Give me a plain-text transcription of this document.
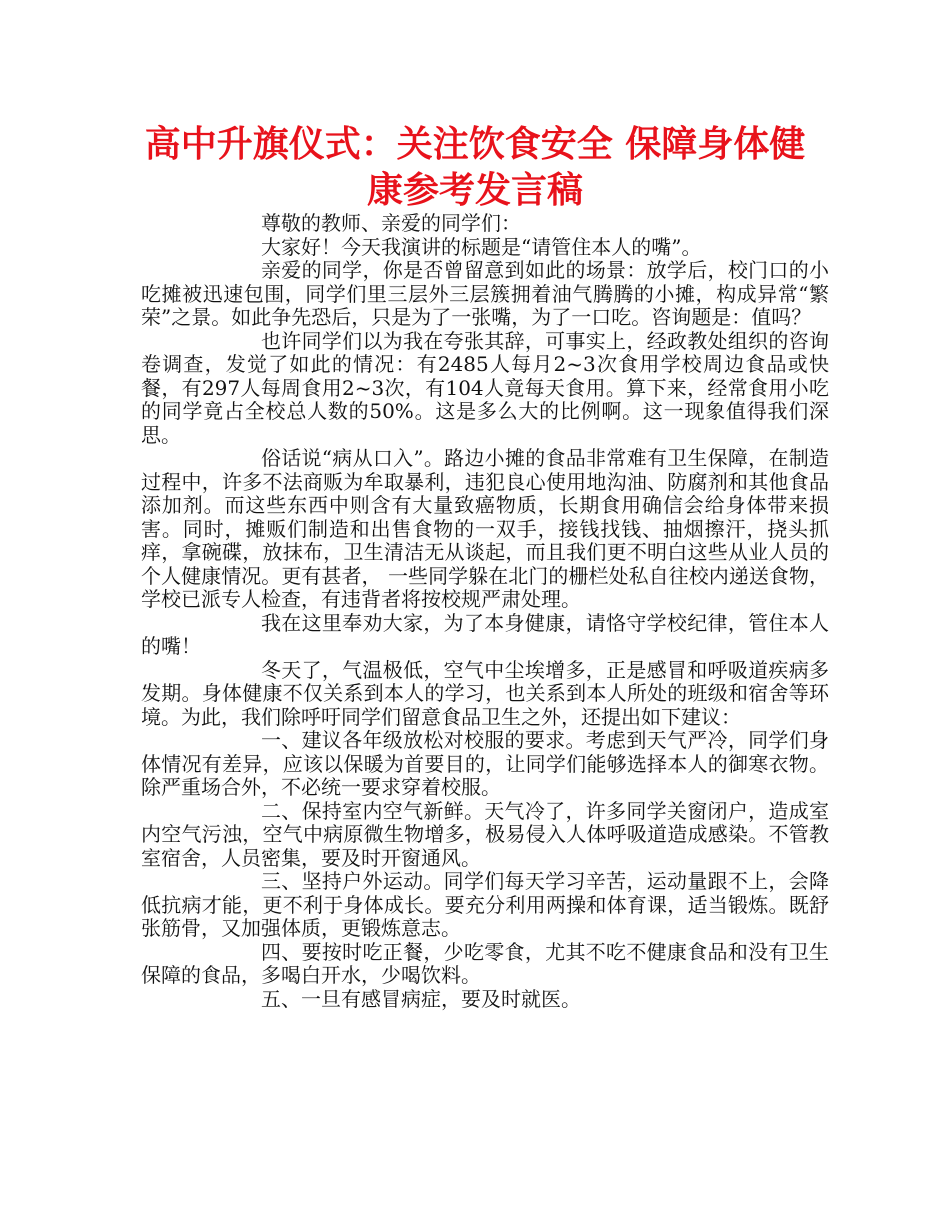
高中升旗仪式：关注饮食安全 保障身体健康参考发言稿

尊敬的教师、亲爱的同学们：

大家好！今天我演讲的标题是“请管住本人的嘴”。

亲爱的同学，你是否曾留意到如此的场景：放学后，校门口的小吃摊被迅速包围，同学们里三层外三层簇拥着油气腾腾的小摊，构成异常“繁荣”之景。如此争先恐后，只是为了一张嘴，为了一口吃。咨询题是：值吗？

也许同学们以为我在夸张其辞，可事实上，经政教处组织的咨询卷调查，发觉了如此的情况：有2485人每月2~3次食用学校周边食品或快餐，有297人每周食用2~3次，有104人竟每天食用。算下来，经常食用小吃的同学竟占全校总人数的50%。这是多么大的比例啊。这一现象值得我们深思。

俗话说“病从口入”。路边小摊的食品非常难有卫生保障，在制造过程中，许多不法商贩为牟取暴利，违犯良心使用地沟油、防腐剂和其他食品添加剂。而这些东西中则含有大量致癌物质，长期食用确信会给身体带来损害。同时，摊贩们制造和出售食物的一双手，接钱找钱、抽烟擦汗，挠头抓痒，拿碗碟，放抹布，卫生清洁无从谈起，而且我们更不明白这些从业人员的个人健康情况。更有甚者， 一些同学躲在北门的栅栏处私自往校内递送食物，学校已派专人检查，有违背者将按校规严肃处理。

我在这里奉劝大家，为了本身健康，请恪守学校纪律，管住本人的嘴！

冬天了，气温极低，空气中尘埃增多，正是感冒和呼吸道疾病多发期。身体健康不仅关系到本人的学习，也关系到本人所处的班级和宿舍等环境。为此，我们除呼吁同学们留意食品卫生之外，还提出如下建议：

一、建议各年级放松对校服的要求。考虑到天气严冷，同学们身体情况有差异，应该以保暖为首要目的，让同学们能够选择本人的御寒衣物。除严重场合外，不必统一要求穿着校服。

二、保持室内空气新鲜。天气冷了，许多同学关窗闭户，造成室内空气污浊，空气中病原微生物增多，极易侵入人体呼吸道造成感染。不管教室宿舍，人员密集，要及时开窗通风。

三、坚持户外运动。同学们每天学习辛苦，运动量跟不上，会降低抗病才能，更不利于身体成长。要充分利用两操和体育课，适当锻炼。既舒张筋骨，又加强体质，更锻炼意志。

四、要按时吃正餐，少吃零食，尤其不吃不健康食品和没有卫生保障的食品，多喝白开水，少喝饮料。

五、一旦有感冒病症，要及时就医。
